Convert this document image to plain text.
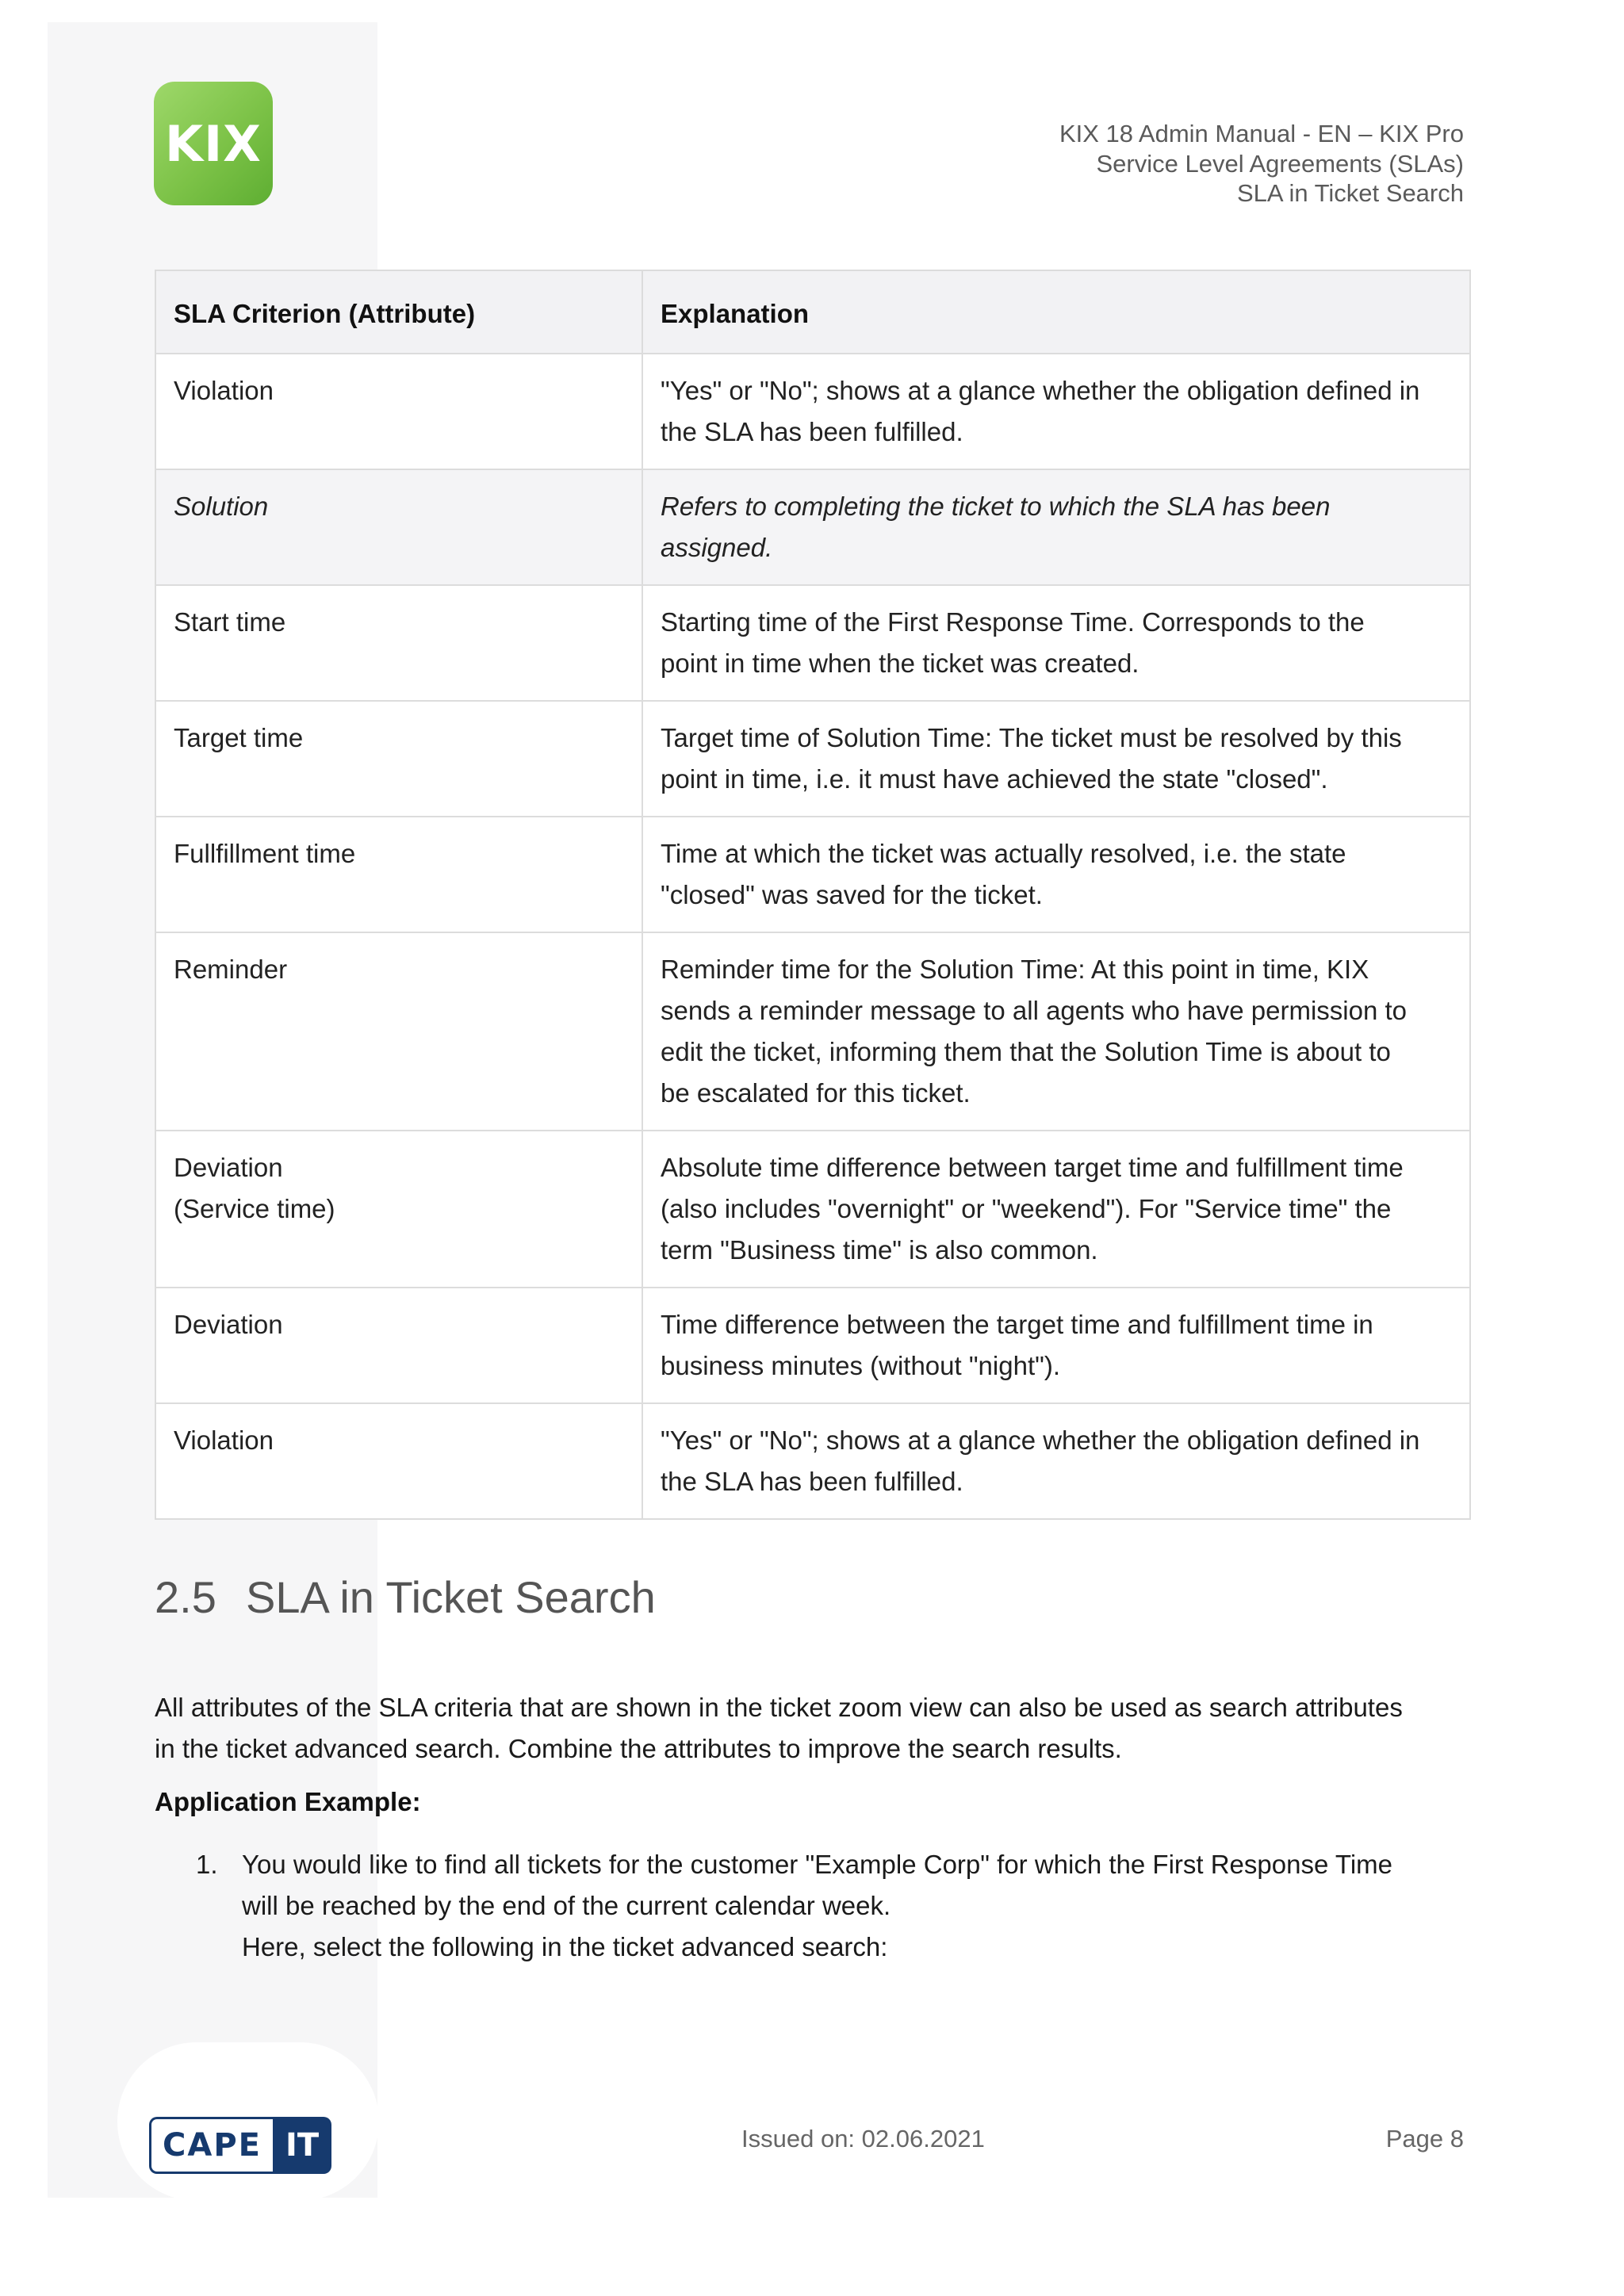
KIX	KIX 18 Admin Manual - EN – KIX Pro
Service Level Agreements (SLAs)
SLA in Ticket Search
SLA Criterion (Attribute)	Explanation

Violation	"Yes" or "No"; shows at a glance whether the obligation defined in
the SLA has been fulfilled.

Solution	Refers to completing the ticket to which the SLA has been
assigned.

Start time	Starting time of the First Response Time. Corresponds to the
point in time when the ticket was created.

Target time	Target time of Solution Time: The ticket must be resolved by this
point in time, i.e. it must have achieved the state "closed".

Fullfillment time	Time at which the ticket was actually resolved, i.e. the state
"closed" was saved for the ticket.

Reminder	Reminder time for the Solution Time: At this point in time, KIX
sends a reminder message to all agents who have permission to
edit the ticket, informing them that the Solution Time is about to
be escalated for this ticket.

Deviation
(Service time)	Absolute time difference between target time and fulfillment time
(also includes "overnight" or "weekend"). For "Service time" the
term "Business time" is also common.

Deviation	Time difference between the target time and fulfillment time in
business minutes (without "night").

Violation	"Yes" or "No"; shows at a glance whether the obligation defined in
the SLA has been fulfilled.
2.5 SLA in Ticket Search
All attributes of the SLA criteria that are shown in the ticket zoom view can also be used as search attributes
in the ticket advanced search. Combine the attributes to improve the search results.
Application Example:
1. You would like to find all tickets for the customer "Example Corp" for which the First Response Time
will be reached by the end of the current calendar week.
Here, select the following in the ticket advanced search:
CAPE IT	Issued on: 02.06.2021	Page 8
